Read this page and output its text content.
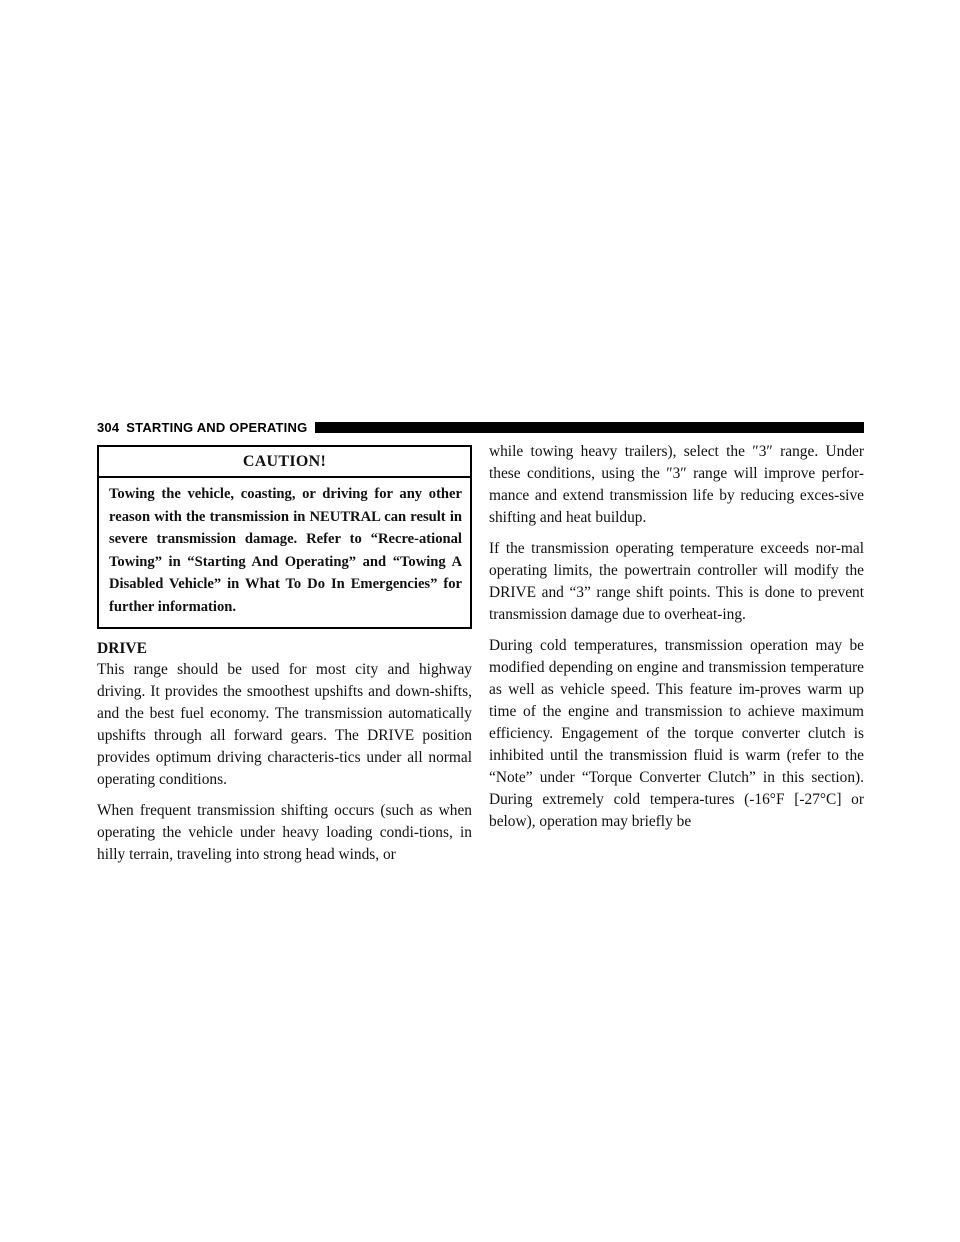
304 STARTING AND OPERATING
CAUTION!
Towing the vehicle, coasting, or driving for any other reason with the transmission in NEUTRAL can result in severe transmission damage. Refer to “Recre-ational Towing” in “Starting And Operating” and “Towing A Disabled Vehicle” in What To Do In Emergencies” for further information.
DRIVE

This range should be used for most city and highway driving. It provides the smoothest upshifts and down-shifts, and the best fuel economy. The transmission automatically upshifts through all forward gears. The DRIVE position provides optimum driving characteris-tics under all normal operating conditions.

When frequent transmission shifting occurs (such as when operating the vehicle under heavy loading condi-tions, in hilly terrain, traveling into strong head winds, or

while towing heavy trailers), select the ″3″ range. Under these conditions, using the ″3″ range will improve perfor-mance and extend transmission life by reducing exces-sive shifting and heat buildup.

If the transmission operating temperature exceeds nor-mal operating limits, the powertrain controller will modify the DRIVE and “3” range shift points. This is done to prevent transmission damage due to overheat-ing.

During cold temperatures, transmission operation may be modified depending on engine and transmission temperature as well as vehicle speed. This feature im-proves warm up time of the engine and transmission to achieve maximum efficiency. Engagement of the torque converter clutch is inhibited until the transmission fluid is warm (refer to the “Note” under “Torque Converter Clutch” in this section). During extremely cold tempera-tures (-16°F [-27°C] or below), operation may briefly be
